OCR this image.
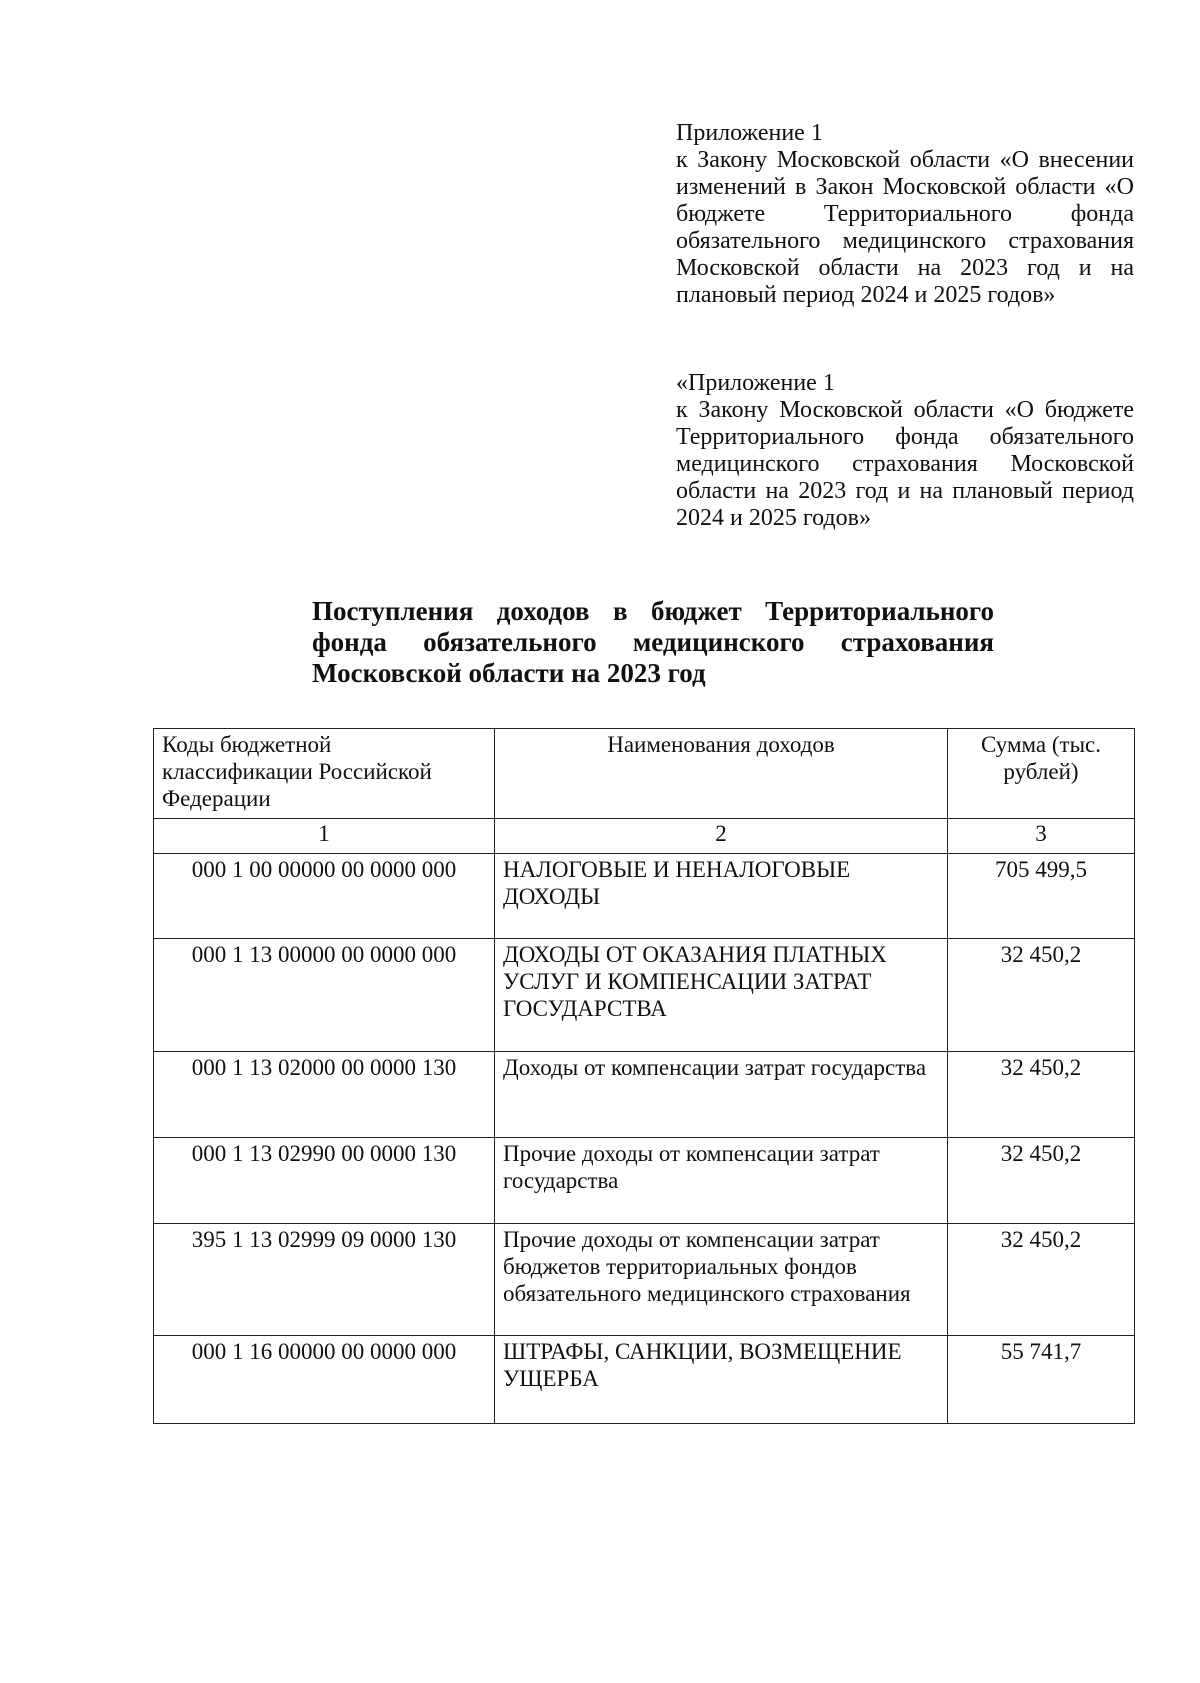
Приложение 1

к Закону Московской области «О внесении изменений в Закон Московской области «О бюджете Территориального фонда обязательного медицинского страхования Московской области на 2023 год и на плановый период 2024 и 2025 годов»

«Приложение 1

к Закону Московской области «О бюджете Территориального фонда обязательного медицинского страхования Московской области на 2023 год и на плановый период 2024 и 2025 годов»

Поступления доходов в бюджет Территориального фонда обязательного медицинского страхования Московской области на 2023 год
Коды бюджетной классификации Российской Федерации	Наименования доходов	Сумма (тыс. рублей)
1	2	3
000 1 00 00000 00 0000 000	НАЛОГОВЫЕ И НЕНАЛОГОВЫЕ ДОХОДЫ	705 499,5
000 1 13 00000 00 0000 000	ДОХОДЫ ОТ ОКАЗАНИЯ ПЛАТНЫХ УСЛУГ И КОМПЕНСАЦИИ ЗАТРАТ ГОСУДАРСТВА	32 450,2
000 1 13 02000 00 0000 130	Доходы от компенсации затрат государства	32 450,2
000 1 13 02990 00 0000 130	Прочие доходы от компенсации затрат государства	32 450,2
395 1 13 02999 09 0000 130	Прочие доходы от компенсации затрат бюджетов территориальных фондов обязательного медицинского страхования	32 450,2
000 1 16 00000 00 0000 000	ШТРАФЫ, САНКЦИИ, ВОЗМЕЩЕНИЕ УЩЕРБА	55 741,7
